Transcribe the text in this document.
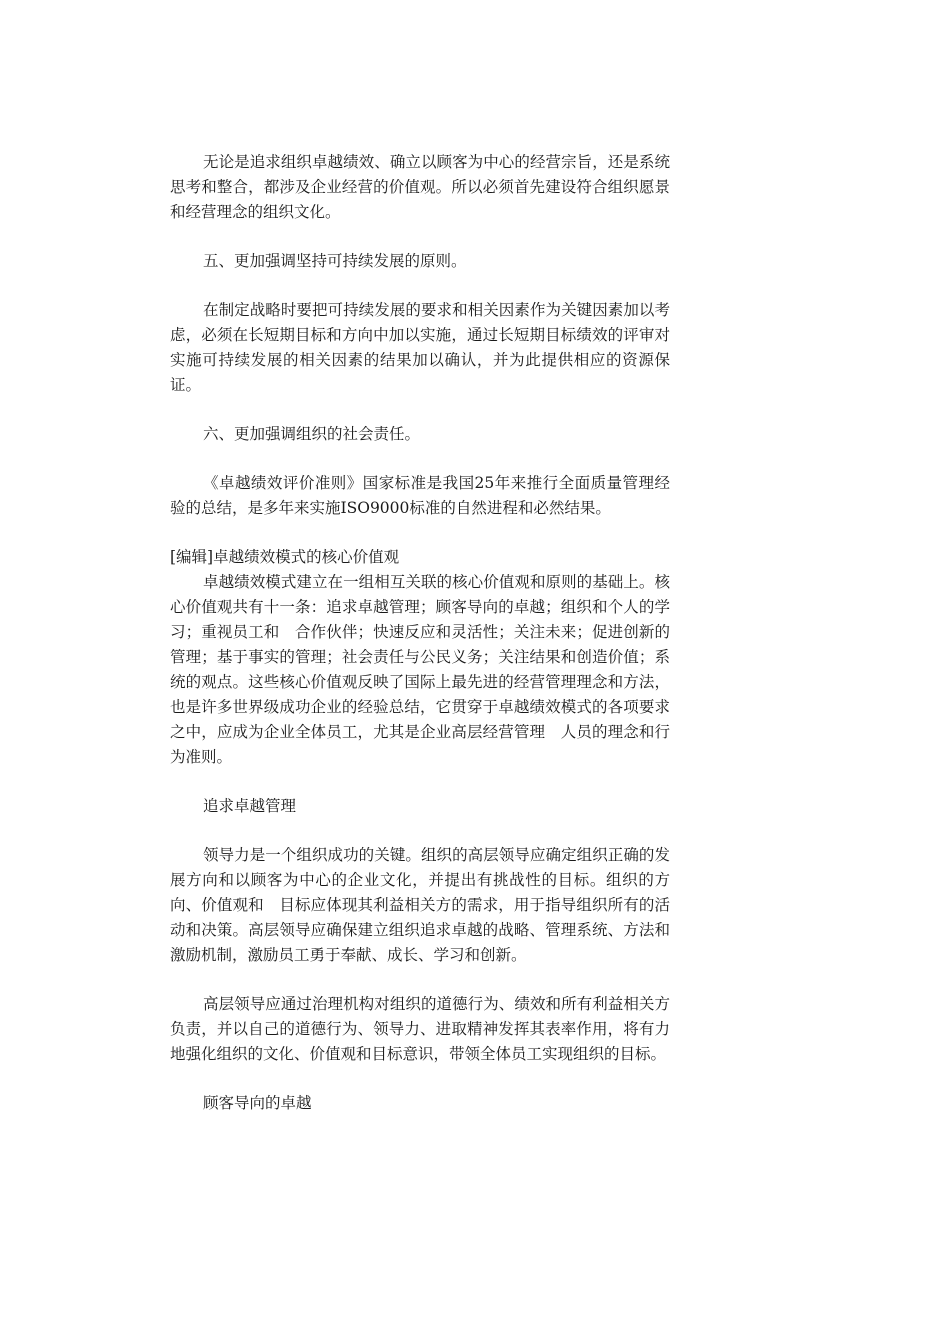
无论是追求组织卓越绩效、确立以顾客为中心的经营宗旨，还是系统思考和整合，都涉及企业经营的价值观。所以必须首先建设符合组织愿景和经营理念的组织文化。

五、更加强调坚持可持续发展的原则。

在制定战略时要把可持续发展的要求和相关因素作为关键因素加以考虑，必须在长短期目标和方向中加以实施，通过长短期目标绩效的评审对实施可持续发展的相关因素的结果加以确认，并为此提供相应的资源保证。

六、更加强调组织的社会责任。

《卓越绩效评价准则》国家标准是我国25年来推行全面质量管理经验的总结，是多年来实施ISO9000标准的自然进程和必然结果。

[编辑]卓越绩效模式的核心价值观

卓越绩效模式建立在一组相互关联的核心价值观和原则的基础上。核心价值观共有十一条：追求卓越管理；顾客导向的卓越；组织和个人的学习；重视员工和　合作伙伴；快速反应和灵活性；关注未来；促进创新的管理；基于事实的管理；社会责任与公民义务；关注结果和创造价值；系统的观点。这些核心价值观反映了国际上最先进的经营管理理念和方法，也是许多世界级成功企业的经验总结，它贯穿于卓越绩效模式的各项要求之中，应成为企业全体员工，尤其是企业高层经营管理　人员的理念和行为准则。

追求卓越管理

领导力是一个组织成功的关键。组织的高层领导应确定组织正确的发展方向和以顾客为中心的企业文化，并提出有挑战性的目标。组织的方向、价值观和　目标应体现其利益相关方的需求，用于指导组织所有的活动和决策。高层领导应确保建立组织追求卓越的战略、管理系统、方法和激励机制，激励员工勇于奉献、成长、学习和创新。

高层领导应通过治理机构对组织的道德行为、绩效和所有利益相关方负责，并以自己的道德行为、领导力、进取精神发挥其表率作用，将有力地强化组织的文化、价值观和目标意识，带领全体员工实现组织的目标。

顾客导向的卓越
